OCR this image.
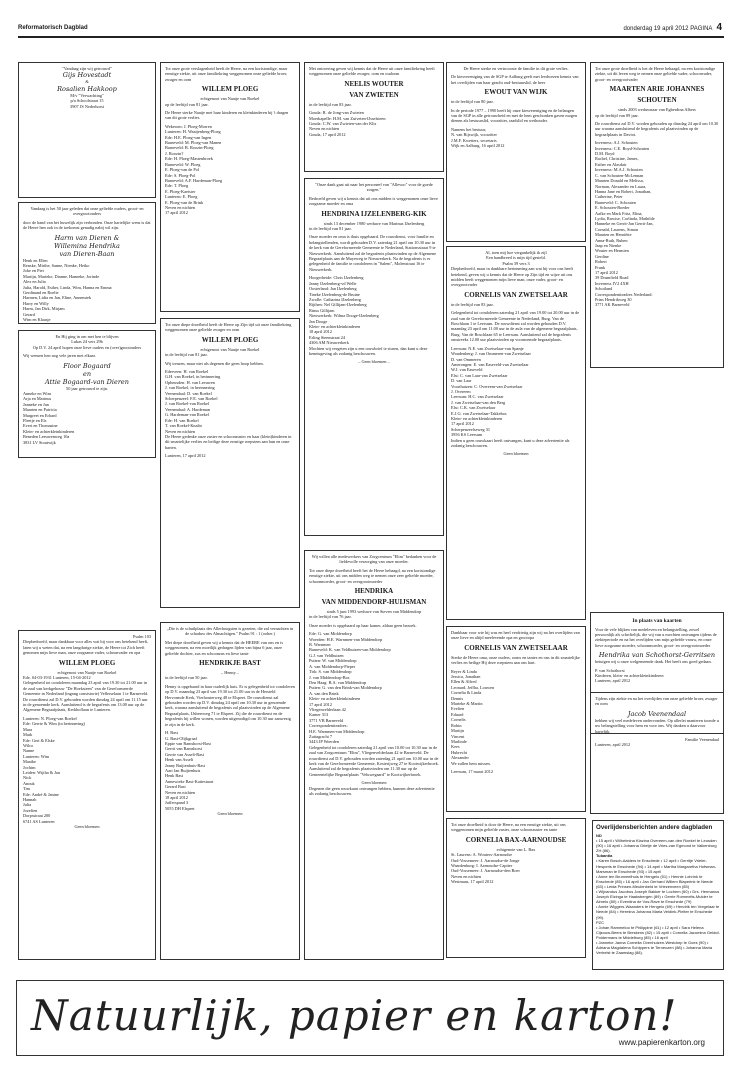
Reformatorisch Dagblad	donderdag 19 april 2012 PAGINA 4
"Vandaag zijn wij getrouwd"
Gijs Hovestadt
&
Rosalien Hakkoop
M/v "Verwachting"
p/a Schoolstraat 15
3907 JS Nederhorst

Vandaag is het 50 jaar geleden dat onze geliefde ouders, groot- en overgrootouders

door de hand van het huwelijk zijn verbonden. Onze hartelijke wens is dat de Heere hen ook in de toekomst genadig nabij wil zijn.

Harm van Dieren &
Willemina Hendrika
van Dieren-Baan
Henk en Ellen
Renske, Mirthe, Sanne, Nienke, Heiko
Joke en Piet
Martijn, Marieke, Dianne, Hanneke, Jorinde
Alex en Julia
Julia, Harold, Esther, Linda, Wim, Hanna en Emma
Gerdinand en Roelie
Harmen, Lidia en Jan, Eline, Annemiek
Harry en Willy
Harm, Jan Dirk, Mirjam
Gerard
Wim en Klaasje
En Hij ging in om met hen te blijven
Lukas 24 vers 29b

Op D.V. 24 april hopen onze lieve ouders en (over)grootouders

Wij wensen hen nog vele jaren met elkaar.

Floor Bogaard
en
Attie Bogaard-van Dieren
50 jaar getrouwd te zijn.
Anneke en Wim
Arja en Marinus
Janneke en Jan
Maarten en Patricia
Margreet en Erhard
Fleetje en Els
Evert en Thomasine
Klein- en achterkleinkinderen
Beneden Leeuwenweg 10a
3831 LV Stoutwijk
Psalm 103

Diepbedroefd, maar dankbaar voor alles wat hij voor ons betekend heeft, laten wij u weten dat, na een langdurige ziekte, de Heere tot Zich heeft genomen mijn lieve man, onze zorgzame vader, schoonvader en opa

WILLEM PLOEG
echtgenoot van Naatje van Roekel
Ede, 04-03-1931 Lunteren, 15-04-2012

Gelegenheid tot condoleren maandag 23 april van 19.30 tot 21.00 uur in de zaal van kerkgebouw "De Hoeksteen" van de Gereformeerde Gemeente in Nederland (ingang consistorie) Vellerselaan 1 te Barneveld. De rouwdienst zal D.V. gehouden worden dinsdag 24 april om 11.15 uur in de genoemde kerk. Aansluitend is de begrafenis om 13.00 uur op de Algemene Begraafplaats, Kerkhoflaan te Lunteren.

Lunteren: N. Ploeg-van Roekel
Ede: Gerrie & Wim (in herinnering)
Mara
Mark
Ede: Gert & Elske
Wilco
Nanne
Lunteren: Wim
Maaike
Jochim
Leiden: Wijtha & Jan
Nick
Anouk
Tim
Ede: André & Janine
Hannah
Julia
Jozefien
Dorpsstraat 200
6741 AS Lunteren
Geen bloemen

Tot onze grote verslagenheid heeft de Heere, na een kortstondige, maar ernstige ziekte, uit onze familiekring weggenomen onze geliefde broer, zwager en oom

WILLEM PLOEG
echtgenoot van Naatje van Roekel

op de leeftijd van 81 jaar.

De Heere sterke Naatje met haar kinderen en kleinkinderen bij 't dragen van dit grote verlies.

Wekerom: J. Ploeg-Morren
Lunteren: H. Waaijenberg-Ploeg
Ede: H.E. Ploeg-van Ingen
Barneveld: M. Ploeg-van Manen
Barneveld: B. Roozin-Ploeg
J. Roozin†
Ede: H. Ploeg-Mastenbroek
Barneveld: W. Ploeg
E. Ploeg-van de Pol
Ede: S. Ploeg-Pol
Barneveld: A.F. Hardeman-Ploeg
Ede: T. Ploeg
E. Ploeg-Kaetsier
Lunteren: E. Ploeg
E. Ploeg-van de Brink
Neven en nichten
17 april 2012

Tot onze diepe droefheid heeft de Heere op Zijn tijd uit onze familiekring weggenomen onze geliefde zwager en oom

WILLEM PLOEG
echtgenoot van Naatje van Roekel

in de leeftijd van 81 jaar.

Wij treuren, maar niet als degenen die geen hoop hebben.

Ederveen: H. van Roekel
G.H. van Roekel, in herinnering
Opheusden: H. van Leeuwen
J. van Roekel, in herinnering
Veenendaal: D. van Roekel
Scherpenzeel: F.E. van Roekel
J. van Roekel-van Roekel
Veenendaal: A. Hardeman
G. Hardeman-van Roekel
Ede: H. van Roekel
T. van Roekel-Knalto
Neven en nichten

De Heere gedenke onze zuster en schoonzuster en haar (klein)kinderen in dit smartelijke verlies en heilige deze ernstige roepstem aan hun en onze harten.

Lunteren, 17 april 2012

„Die is de schuilplaats des Allerhoogsten is gezeten, die zal vernachten in de schaduw des Almachtigen." Psalm 91 : 1 (ooher.)

Met diepe droefheid geven wij u kennis dat de HEERE van ons en is weggenomen, na een moeilijk gedragen lijden van bijna 6 jaar, onze geliefde dochter, zus en schoonzus en lieve tante

HENDRIKJE BAST
– Henny –

in de leeftijd van 50 jaar.

Henny is opgebaard in haar ouderlijk huis. Er is gelegenheid tot condoleren op D.V. maandag 23 april van 19.30 tot 21.00 uur in de Hersteld Hervormde Kerk, Vierhouterweg 48 te Elspeet. De rouwdienst zal gehouden worden op D.V. dinsdag 24 april om 10.30 uur in genoemde kerk, waarna aansluitend de begrafenis zal plaatsvinden op de Algemene Begraafplaats, IJsbeerweg 71 te Elspeet. Zij die de rouwdienst en de begrafenis bij willen wonen, worden uitgenodigd om 10.30 uur aanwezig te zijn in de kerk.

H. Bast
G. Bast-Olijkgraaf
Eppie van Ramshorst-Bast
Gerrit van Ramshorst
Gerrie van Asselt-Bast
Henk van Asselt
Janny Buijtenhuis-Bast
Aart Jan Buijtenhuis
Henk Bast
Annewieke Bast-Kattestaart
Gerard Bast
Neven en nichten
18 april 2012
Jufferspand 3
5055 DH Elspeet
Geen bloemen

Met ontroering geven wij kennis dat de Heere uit onze familiekring heeft weggenomen onze geliefde zwager, oom en oudoom

NEELIS WOUTER
VAN ZWIETEN

in de leeftijd van 83 jaar.

Gouda: R. de Jong-van Zwieten
Moerkapelle: H.M. van Zuiveten-IJsselsteen
Gouda: C.W. van Zwieten-van der Klis
Neven en nichten
Gouda, 17 april 2012

"Onze dank gaat uit naar het personeel van "Allevoo" voor de goede zorgen."

Bedroefd geven wij u kennis dat uit ons midden is weggenomen onze lieve zorgzame moeder en oma

HENDRINA IJZELENBERG-KIK
sinds 13 december 1980 weduwe van Marinus IJzelenberg

in de leeftijd van 81 jaar.

Onze moeder en oma is thuis opgebaard. De rouwdienst, voor familie en belangstellenden, wordt gehouden D.V. zaterdag 21 april om 10.30 uur in de kerk van de Gereformeerde Gemeente te Nederland, Stationsstraat 9 te Nieuwerkerk. Aansluitend zal de begrafenis plaatsvinden op de Algemene Begraafplaats aan de Muyeweg te Nieuwerkerk. Na de begrafenis is er gelegenheid de familie te condoleren in "Salem", Molenstraat 16 te Nieuwerkerk.

Hoogerheide: Chris IJzelenberg
Janny IJzelenberg-vd Welle
Oosterland: Jan IJzelenberg
Tineke IJzelenberg-de Bruine
Zwolle: Catharina IJzelenberg
Rijthen: Nel Gillijam-IJzelenberg
Rinus Gillijam
Nieuwerkerk: Wilma Dooge-IJzelenberg
Jan Dooge
Klein- en achterkleinkinderen
18 april 2012
Erling Steenstraat 24
4306 AM Nieuwerkerk

Mochten wij vergeten zijn u een rouwbrief te sturen, dan kunt u deze kennisgeving als zodanig beschouwen.

– Geen bloemen –

Wij willen alle medewerkers van Zorgcentrum "Elim" bedanken voor de liefdevolle verzorging van onze moeder.

Tot onze diepe droefheid heeft het de Heere behaagd, na een kortstondige ernstige ziekte, uit ons midden weg te nemen onze zeer geliefde moeder, schoonmoeder, groot- en overgrootmoeder

HENDRIKA
VAN MIDDENDORP-HUIJSMAN
sinds 5 juni 1993 weduwe van Steven van Middendorp

in de leeftijd van 76 jaar.

Onze moeder is opgebaard op haar kamer, aldaar geen bezoek.

Ede: G. van Middendorp
Woerden: H.E. Warnmen-van Middendorp
B. Warnmen
Barneveld: K. van Veldhuizen-van Middendorp
G.J. van Veldhuizen
Putten: W. van Middendorp
A. van Middendorp-Pieper
Tirk: S. van Middendorp
J. van Middendorp-Bos
Den Haag: B.A. van Middendorp
Putten: G. van den Brink-van Middendorp
A. van den Brink
Klein- en achterkleinkinderen
17 april 2012
Vliegenvelderlaan 42
Kamer 313
3771 VB Barneveld
Correspondentieadres:
H.E. Warnmen-van Middendorp
Zuttagracht 7
3443 JP Woerden

Gelegenheid tot condoleren zaterdag 21 april van 10.00 tot 10.30 uur in de zaal van Zorgcentrum "Elim", Vliegenvelderlaan 42 te Barneveld. De rouwdienst zal D.V. gehouden worden zaterdag 21 april om 10.00 uur in de kerk van de Gereformeerde Gemeente, Kosterijweg 27 te Kootwijkerbroek. Aansluitend zal de begrafenis plaatsvinden om 11.30 uur op de Gemeentelijke Begraafplaats "Veluwegaard" te Kootwijkerbroek.

Geen bloemen

Degenen die geen rouwkaart ontvangen hebben, kunnen deze advertentie als zodanig beschouwen.

De Heere sterke en vertroooste de familie in dit grote verlies.

De kiesvereniging van de SGP te Aalburg geeft met leedwezen kennis van het overlijden van haar geacht oud-bestuurslid, de heer

EWOUT VAN WIJK

in de leeftijd van 80 jaar.

In de periode 1977 – 1990 heeft hij onze kiesvereniging en de belangen van de SGP in alle getrouwheid en met de hem geschonken gaven mogen dienen als bestuurslid, voorzitter, raadslid en wethouder.

Namens het bestuur,
N. van Rijswijk, voorzitter
J.M.F. Kwetters, secretaris
Wijk en Aalburg, 16 april 2012
Al, toen mij hoe vergankelijk ik zijl
Een handbreed is mijn tijd gesteld.
Psalm 39 vers 3

Diepbedroefd, maar in dankbare herinnering aan wat hij voor ons heeft betekend, geven wij u kennis dat de Heere op Zijn tijd en wijze uit ons midden heeft weggenomen mijn lieve man, onze vader, groot- en overgrootvader

CORNELIS VAN ZWETSELAAR

in de leeftijd van 83 jaar.

Gelegenheid tot condoleren zaterdag 21 april van 19.00 tot 20.00 uur in de zaal van de Gereformeerde Gemeente in Nederland, Burg. Van de Boschlaan 1 te Leersum. De rouwdienst zal worden gehouden D.V. maandag 23 april om 11.00 uur in de aula van de algemene begraafplaats, Burg. Van de Boschlaan 65 te Leersum. Aansluitend zal de begrafenis omstreeks 12.00 uur plaatsvinden op voornoemde begraafplaats.

Leersum: N.E. van Zwetselaar-van Spanje
Woudenberg: J. van Ommeren-van Zwetselaar
D. van Ommeren
Amerongen: E. van Easeveld-van Zwetselaar
W.J. van Easeveld
Elst: C. van Laar-van Zwetselaar
D. van Laar
Voorthuizen: C. Overeem-van Zwetselaar
J. Overeem
Leersum: H.C. van Zwetselaar
J. van Zwetselaar-van den Berg
Elst: C.K. van Zwetselaar
E.J.G. van Zwetselaar-Takkebos
Klein- en achterkleinkinderen
17 april 2012
Scherpenzeelseweg 31
3956 KS Leersum

Indien u geen rouwkaart heeft ontvangen, kunt u deze advertentie als zodanig beschouwen.

Geen bloemen

Dankbaar voor wie hij was en heel verdrietig zijn wij na het overlijden van onze lieve en altijd meelevende opa en grootopa

CORNELIS VAN ZWETSELAAR

Sterke de Heere oma, onze ouders, ooms en tantes en ons in dit smartelijke verlies en heilige Hij deze roepstem aan ons hart.

Reyer & Linda
Jessica, Jonathan
Ellen & Alfred
Leonard, Jeffha, Louwen
Cornelia & Linda
Dennis
Marieke & Martin
Evelien
Eduard
Cornelis
Robin
Martijn
Vincent
Marlinde
Kees
Hubrecht
Alexander

We zullen hem missen.

Leersum, 17 maart 2012

Tot onze droefheid is door de Heere, na een ernstige ziekte, uit ons weggenomen mijn geliefde zuster, onze schoonzuster en tante

CORNELIA BAX-AARNOUDSE
echtgenote van L. Bax
St. Laurens: A. Wouters-Aarnoudse
Oud-Vossemeer: J. Aarnoudse-de Jonge
Waardenburg: I. Aarnoudse-Capiter
Oud-Vossemeer: J. Aarnoudse-den Boer
Neven en nichten
Westmaas, 17 april 2012

Tot onze grote droefheid is het de Heere behaagd, na een kortstondige ziekte, uit dit leven weg te nemen onze geliefde vader, schoonvader, groot- en overgrootvader

MAARTEN ARIE JOHANNES
SCHOUTEN
sinds 2003 weduwnaar van Egberdina Albers

op de leeftijd van 89 jaar.

De rouwdienst zal D.V. worden gehouden op dinsdag 24 april om 10.30 uur waarna aansluitend de begrafenis zal plaatsvinden op de begraafplaats in Daviot.

Inverness: A.J. Schouten
Inverness: C.E. Boyd-Schouten
D.M. Boyd
Rachel, Christine, James,
Esther en Alasdair
Inverness: M.A.J. Schouten
C. van Schouten-McLennan
Maarten Donald en Melissa,
Norman, Alexander en Laura,
Hanna Jane en Robert, Jonathan,
Catherine, Peter
Barneveld: C. Schouten
E. Schouten-Boeder
Aafke en Mark Fritz, Elina,
Lydia, Ruwise, Corlinda, Mathilde
Hanneke en Gerrit-Jan Gerrit-Jan,
Cornald, Laurens, Simon
Maarten en Henriëtte
Anna-Ruth, Ruben
Jaap en Nienke
Wouter en Hermien
Gerdine
Robert
Frank
17 april 2012
39 Drumfield Road
Inverness IV2 4XH
Schotland
Correspondentieadres Nederland:
Prins Hendrikweg 30
3771 AK Barneveld
In plaats van kaarten

Voor de vele blijken van medeleven en belangstelling, zowel persoonlijk als schriftelijk, die wij van u mochten ontvangen tijdens de ziekteperiode en na het overlijden van mijn geliefde vrouw, en onze lieve zorgzame moeder, schoonmoeder, groot- en overgrootmoeder

Hendrika van Schothorst-Gerritsen

betuigen wij u onze welgemeende dank. Het heeft ons goed gedaan.

P. van Schothorst
Kinderen, klein- en achterkleinkinderen
Lunteren, april 2012

Tijdens zijn ziekte en na het overlijden van onze geliefde broer, zwager en oom

Jacob Veenendaal

hebben wij veel medeleven ondervonden. Op allerlei manieren toonde u uw belangstelling voor hem en voor ons. Wij danken u daarvoor hartelijk.

Familie Veenendaal
Lunteren, april 2012
Overlijdensberichten andere dagbladen
ND
• 15 april • Wilhelmina Klazina Overeem-van den Roekel te Leusden (90) • 16 april • Johanna Grietje de Vries-van Egmond te Valkenburg ZH (86).
Tubantia
• Karen Bosch-Aalders te Enschede • 12 april • Gerritje Vrieler-Hesperis te Enschede (94) • 14 april • Martha Margaretha Hofsman-Marsman te Enschede (93) • 15 april
• Anne ten Brummelhuis te Hengelo (51) • Hennie Lohrink te Enschede (85) • 16 april • Jan Gerhard Willem Blaperink te Neede (63) • Leida Prinsen-Meulenbeld te Vriezenveen (85)
• Wijnandus Jacobus Joseph Bakker te Lochem (60) • Drs. Hermanus Joseph Elzinga te Haaksbergen (89) • Gerrie Rommelts-Mulder te Almelo (80) • Everdina de Vos-Rave te Enschede (79)
• Annie Wiggers-Waanders te Hengelo (69) • Hendrik ten Vregelaar te Neede (84) • Hermina Johanna Maria Veldink-Pleiter te Enschede (99).
PZC
• Johan Rammeloo te Philippine (61) • 12 april • Sara Helena Cijsouw-Beers te Breskens (82) • 15 april • Cornelia Jacomina Geldof-Poldermans te Middelburg (85) • 16 april
• Janneke Janna Cornelia Ovenhuizen-Westdorp te Goes (90) • Adriana Magdalena Schippers te Terneuzen (88) • Johanna Maria Verhelst te Zaamslag (88).
Natuurlijk, papier en karton!
www.papierenkarton.org
